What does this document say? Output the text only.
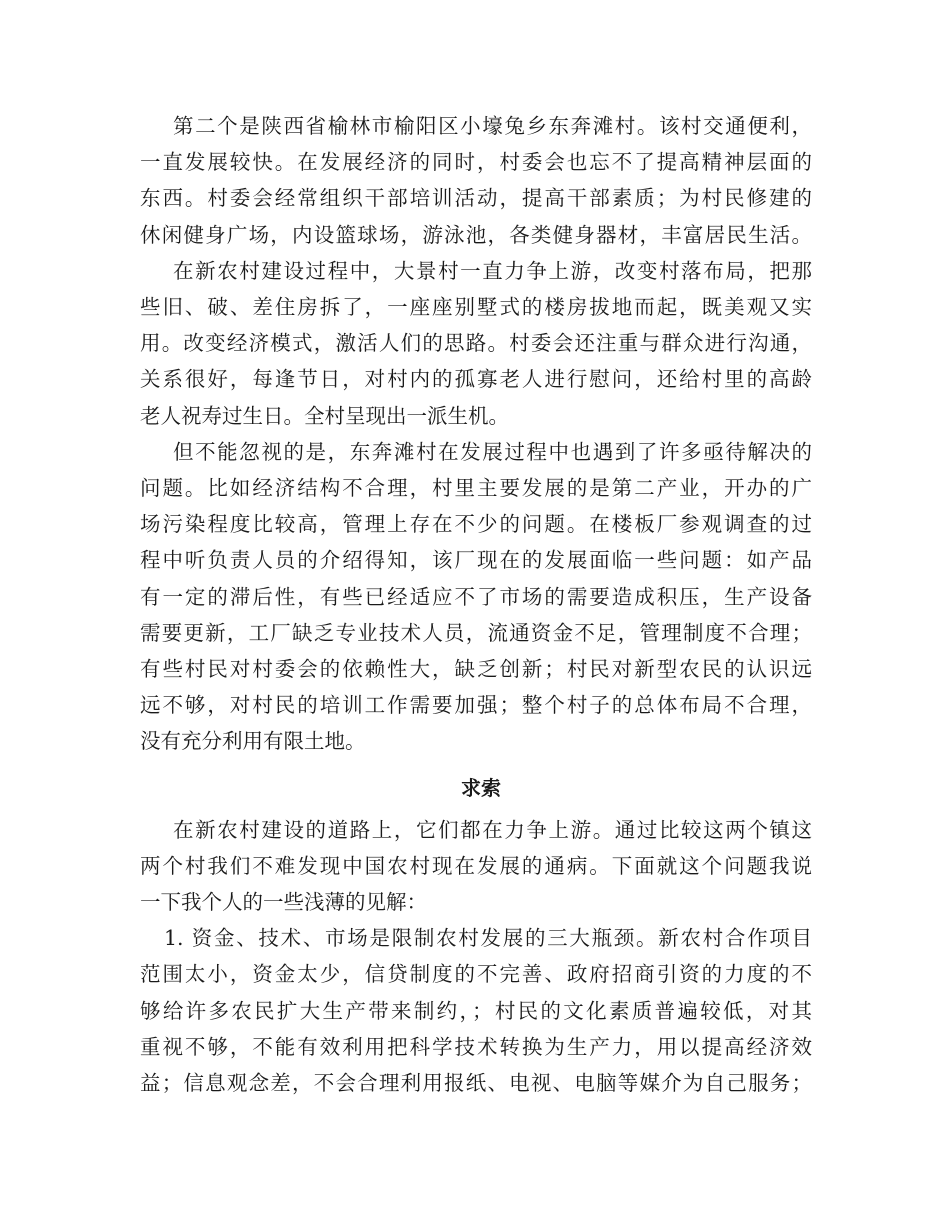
第二个是陕西省榆林市榆阳区小壕兔乡东奔滩村。该村交通便利，
一直发展较快。在发展经济的同时，村委会也忘不了提高精神层面的
东西。村委会经常组织干部培训活动，提高干部素质；为村民修建的
休闲健身广场，内设篮球场，游泳池，各类健身器材，丰富居民生活。
在新农村建设过程中，大景村一直力争上游，改变村落布局，把那
些旧、破、差住房拆了，一座座别墅式的楼房拔地而起，既美观又实
用。改变经济模式，激活人们的思路。村委会还注重与群众进行沟通，
关系很好，每逢节日，对村内的孤寡老人进行慰问，还给村里的高龄
老人祝寿过生日。全村呈现出一派生机。
但不能忽视的是，东奔滩村在发展过程中也遇到了许多亟待解决的
问题。比如经济结构不合理，村里主要发展的是第二产业，开办的广
场污染程度比较高，管理上存在不少的问题。在楼板厂参观调查的过
程中听负责人员的介绍得知，该厂现在的发展面临一些问题：如产品
有一定的滞后性，有些已经适应不了市场的需要造成积压，生产设备
需要更新，工厂缺乏专业技术人员，流通资金不足，管理制度不合理；
有些村民对村委会的依赖性大，缺乏创新；村民对新型农民的认识远
远不够，对村民的培训工作需要加强；整个村子的总体布局不合理，
没有充分利用有限土地。
求索
在新农村建设的道路上，它们都在力争上游。通过比较这两个镇这
两个村我们不难发现中国农村现在发展的通病。下面就这个问题我说
一下我个人的一些浅薄的见解：
1. 资金、技术、市场是限制农村发展的三大瓶颈。新农村合作项目
范围太小，资金太少，信贷制度的不完善、政府招商引资的力度的不
够给许多农民扩大生产带来制约，；村民的文化素质普遍较低，对其
重视不够，不能有效利用把科学技术转换为生产力，用以提高经济效
益；信息观念差，不会合理利用报纸、电视、电脑等媒介为自己服务；
